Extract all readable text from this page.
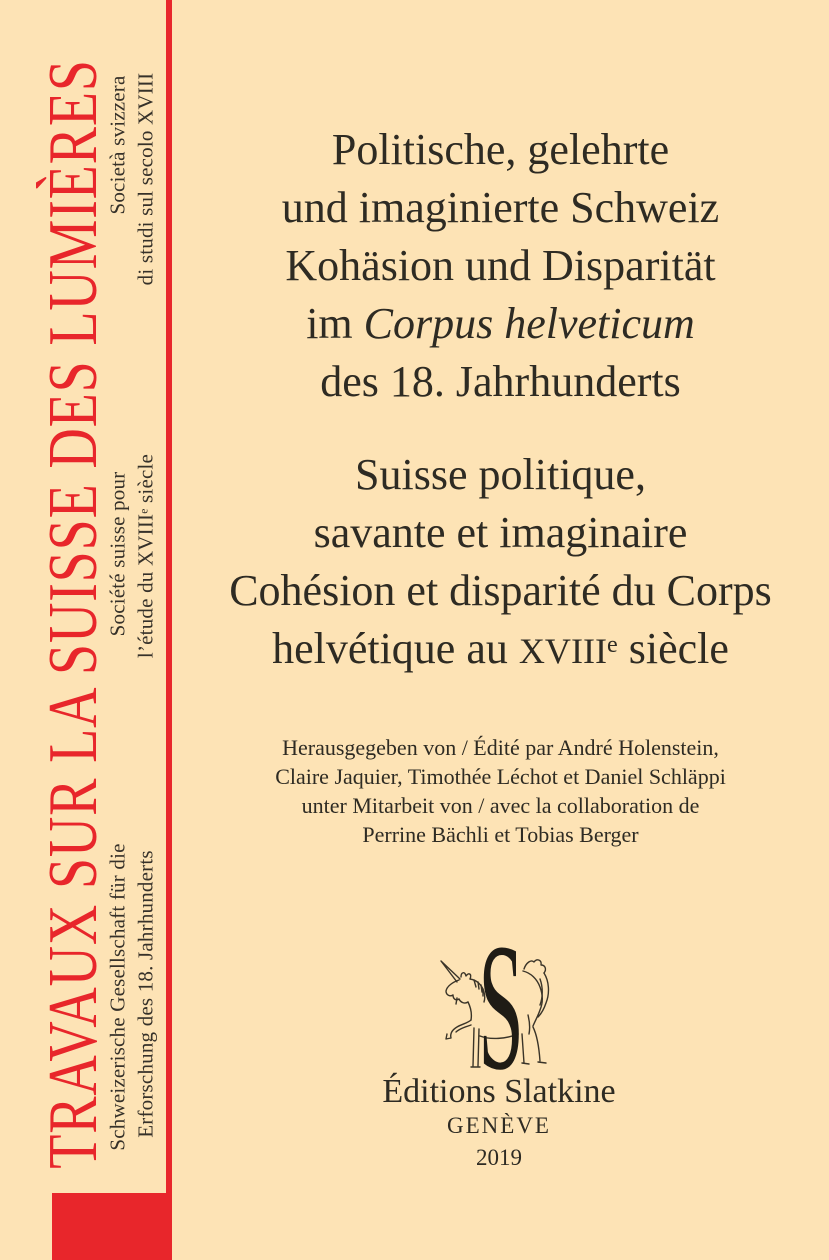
TRAVAUX SUR LA SUISSE DES LUMIÈRES
Società svizzera di studi sul secolo XVIII
Société suisse pour l’étude du XVIIIe siècle
Schweizerische Gesellschaft für die Erforschung des 18. Jahrhunderts
Politische, gelehrte
und imaginierte Schweiz
Kohäsion und Disparität
im Corpus helveticum
des 18. Jahrhunderts
Suisse politique,
savante et imaginaire
Cohésion et disparité du Corps
helvétique au XVIIIe siècle
Herausgegeben von / Édité par André Holenstein,
Claire Jaquier, Timothée Léchot et Daniel Schläppi
unter Mitarbeit von / avec la collaboration de
Perrine Bächli et Tobias Berger
S
Éditions Slatkine
GENÈVE
2019
